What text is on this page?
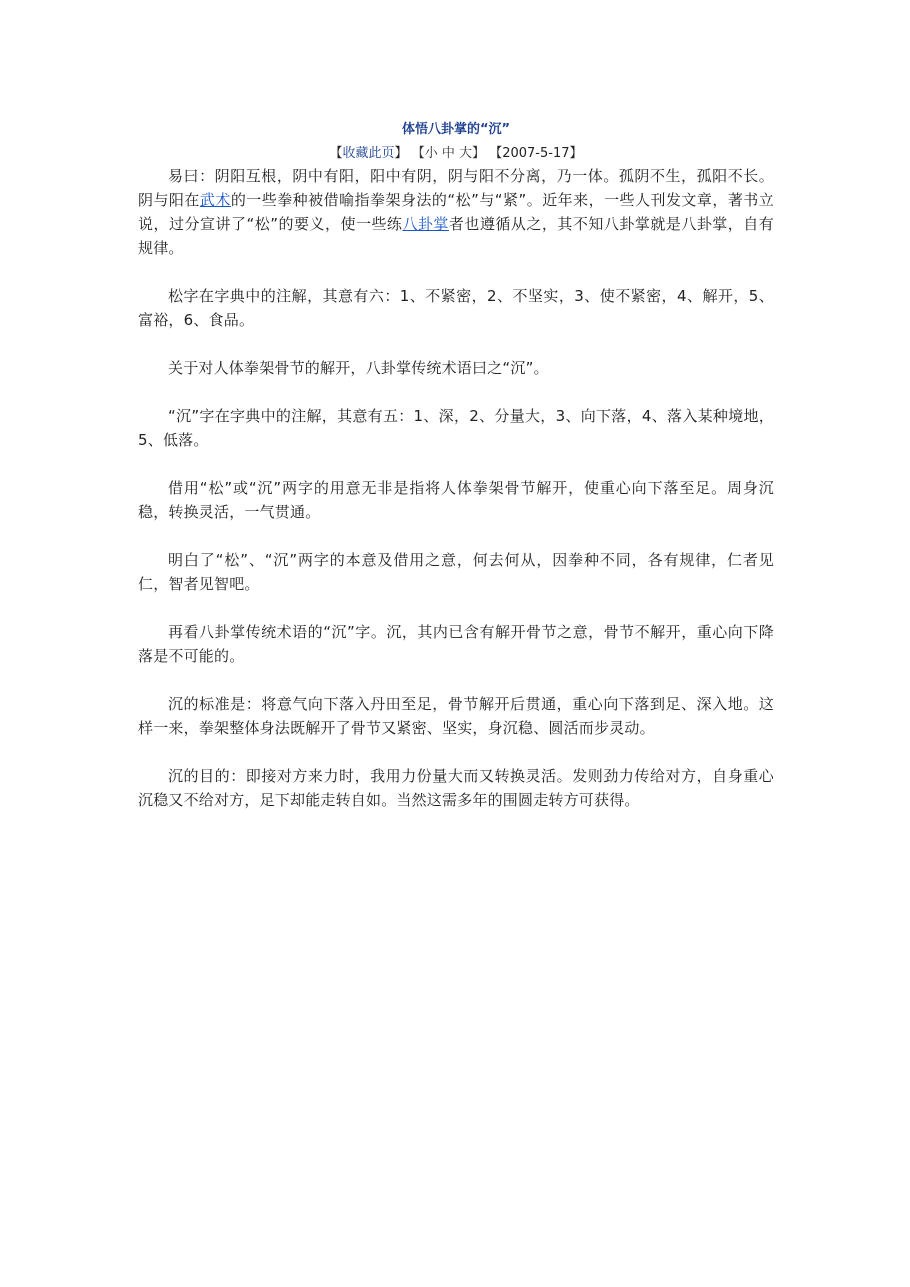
体悟八卦掌的“沉”
【收藏此页】 【小 中 大】 【2007-5-17】

易曰：阴阳互根，阴中有阳，阳中有阴，阴与阳不分离，乃一体。孤阴不生，孤阳不长。阴与阳在武术的一些拳种被借喻指拳架身法的“松”与“紧”。近年来，一些人刊发文章，著书立说，过分宣讲了“松”的要义，使一些练八卦掌者也遵循从之，其不知八卦掌就是八卦掌，自有规律。

松字在字典中的注解，其意有六：1、不紧密，2、不坚实，3、使不紧密，4、解开，5、富裕，6、食品。

关于对人体拳架骨节的解开，八卦掌传统术语曰之“沉”。

“沉”字在字典中的注解，其意有五：1、深，2、分量大，3、向下落，4、落入某种境地，5、低落。

借用“松”或“沉”两字的用意无非是指将人体拳架骨节解开，使重心向下落至足。周身沉稳，转换灵活，一气贯通。

明白了“松”、“沉”两字的本意及借用之意，何去何从，因拳种不同，各有规律，仁者见仁，智者见智吧。

再看八卦掌传统术语的“沉”字。沉，其内已含有解开骨节之意，骨节不解开，重心向下降落是不可能的。

沉的标准是：将意气向下落入丹田至足，骨节解开后贯通，重心向下落到足、深入地。这样一来，拳架整体身法既解开了骨节又紧密、坚实，身沉稳、圆活而步灵动。

沉的目的：即接对方来力时，我用力份量大而又转换灵活。发则劲力传给对方，自身重心沉稳又不给对方，足下却能走转自如。当然这需多年的围圆走转方可获得。
